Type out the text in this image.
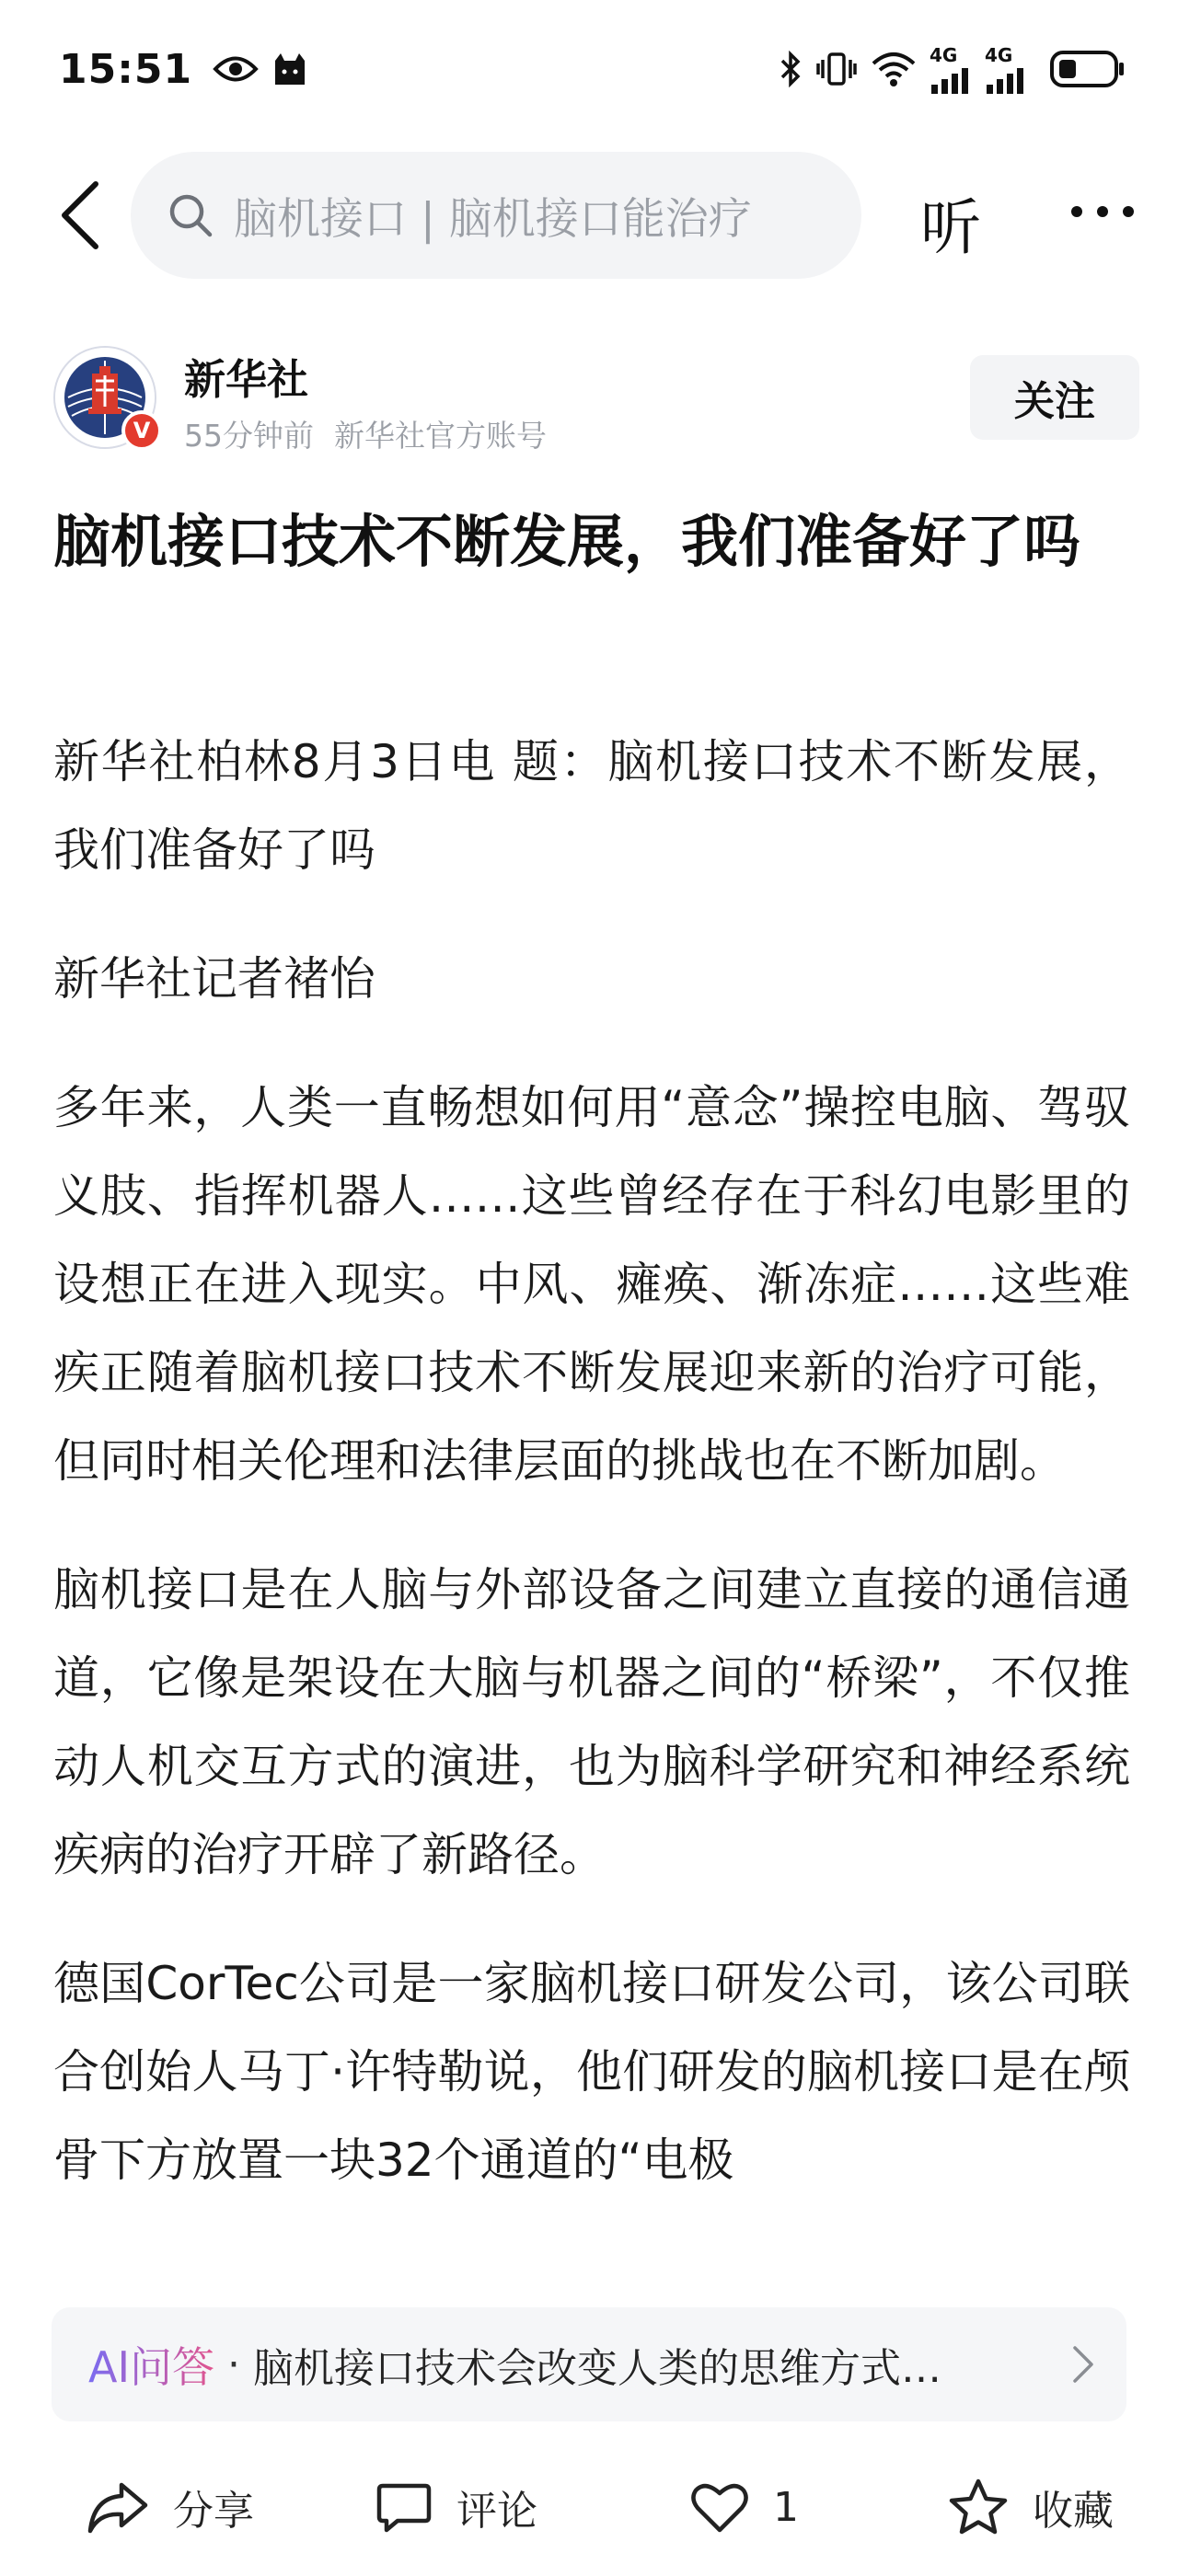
15:51	4G 4G
脑机接口 | 脑机接口能治疗	听
V
新华社
55分钟前 新华社官方账号
关注
脑机接口技术不断发展，我们准备好了吗

新华社柏林8月3日电 题：脑机接口技术不断发展，我们准备好了吗

新华社记者褚怡

多年来，人类一直畅想如何用“意念”操控电脑、驾驭义肢、指挥机器人……这些曾经存在于科幻电影里的设想正在进入现实。中风、瘫痪、渐冻症……这些难疾正随着脑机接口技术不断发展迎来新的治疗可能，但同时相关伦理和法律层面的挑战也在不断加剧。

脑机接口是在人脑与外部设备之间建立直接的通信通道，它像是架设在大脑与机器之间的“桥梁”，不仅推动人机交互方式的演进，也为脑科学研究和神经系统疾病的治疗开辟了新路径。

德国CorTec公司是一家脑机接口研发公司，该公司联合创始人马丁·许特勒说，他们研发的脑机接口是在颅骨下方放置一块32个通道的“电极

AI问答 · 脑机接口技术会改变人类的思维方式…
分享	评论	1	收藏
